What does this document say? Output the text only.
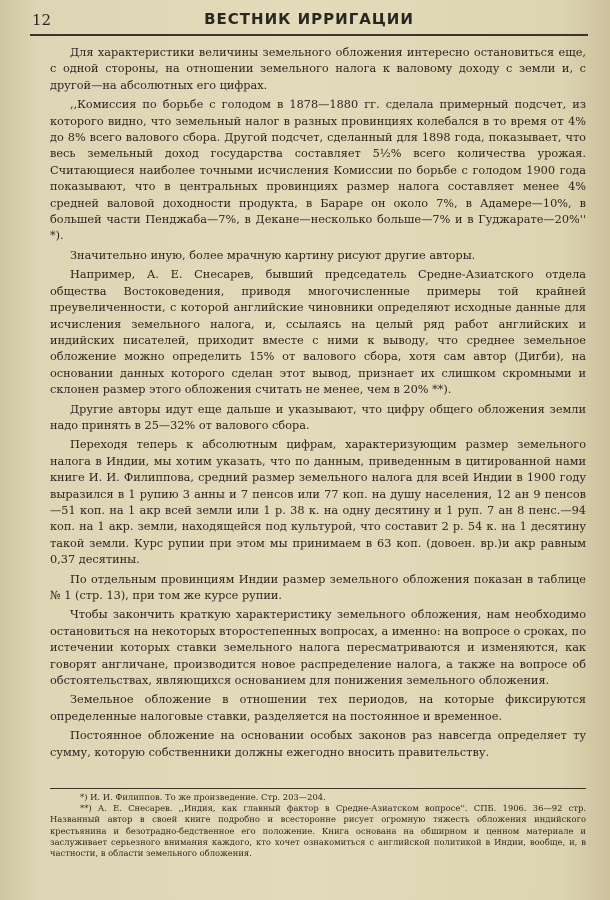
12	ВЕСТНИК ИРРИГАЦИИ

Для характеристики величины земельного обложения интересно остановиться еще, с одной стороны, на отношении земельного налога к валовому доходу с земли и, с другой—на абсолютных его цифрах.

,,Комиссия по борьбе с голодом в 1878—1880 гг. сделала примерный подсчет, из которого видно, что земельный налог в разных провинциях колебался в то время от 4% до 8% всего валового сбора. Другой подсчет, сделанный для 1898 года, показывает, что весь земельный доход государства составляет 5½% всего количества урожая. Считающиеся наиболее точными исчисления Комиссии по борьбе с голодом 1900 года показывают, что в центральных провинциях размер налога составляет менее 4% средней валовой доходности продукта, в Бараре он около 7%, в Адамере—10%, в большей части Пенджаба—7%, в Декане—несколько больше—7% и в Гуджарате—20%'' *).

Значительно иную, более мрачную картину рисуют другие авторы.

Например, А. Е. Снесарев, бывший председатель Средне-Азиатского отдела общества Востоковедения, приводя многочисленные примеры той крайней преувеличенности, с которой английские чиновники определяют исходные данные для исчисления земельного налога, и, ссылаясь на целый ряд работ английских и индийских писателей, приходит вместе с ними к выводу, что среднее земельное обложение можно определить 15% от валового сбора, хотя сам автор (Дигби), на основании данных которого сделан этот вывод, признает их слишком скромными и склонен размер этого обложения считать не менее, чем в 20% **).

Другие авторы идут еще дальше и указывают, что цифру общего обложения земли надо принять в 25—32% от валового сбора.

Переходя теперь к абсолютным цифрам, характеризующим размер земельного налога в Индии, мы хотим указать, что по данным, приведенным в цитированной нами книге И. И. Филиппова, средний размер земельного налога для всей Индии в 1900 году выразился в 1 рупию 3 анны и 7 пенсов или 77 коп. на душу населения, 12 ан 9 пенсов—51 коп. на 1 акр всей земли или 1 р. 38 к. на одну десятину и 1 руп. 7 ан 8 пенс.—94 коп. на 1 акр. земли, находящейся под культурой, что составит 2 р. 54 к. на 1 десятину такой земли. Курс рупии при этом мы принимаем в 63 коп. (довоен. вр.)и акр равным 0,37 десятины.

По отдельным провинциям Индии размер земельного обложения показан в таблице № 1 (стр. 13), при том же курсе рупии.

Чтобы закончить краткую характеристику земельного обложения, нам необходимо остановиться на некоторых второстепенных вопросах, а именно: на вопросе о сроках, по истечении которых ставки земельного налога пересматриваются и изменяются, как говорят англичане, производится новое распределение налога, а также на вопросе об обстоятельствах, являющихся основанием для понижения земельного обложения.

Земельное обложение в отношении тех периодов, на которые фиксируются определенные налоговые ставки, разделяется на постоянное и временное.

Постоянное обложение на основании особых законов раз навсегда определяет ту сумму, которую собственники должны ежегодно вносить правительству.

*) И. И. Филиппов. То же произведение. Стр. 203—204.

**) А. Е. Снесарев. ,,Индия, как главный фактор в Средне-Азиатском вопросе''. СПБ. 1906. 36—92 стр. Названный автор в своей книге подробно и всесторонне рисует огромную тяжесть обложения индийского крестьянина и безотрадно-бедственное его положение. Книга основана на обширном и ценном материале и заслуживает серьезного внимания каждого, кто хочет ознакомиться с английской политикой в Индии, вообще, и, в частности, в области земельного обложения.
